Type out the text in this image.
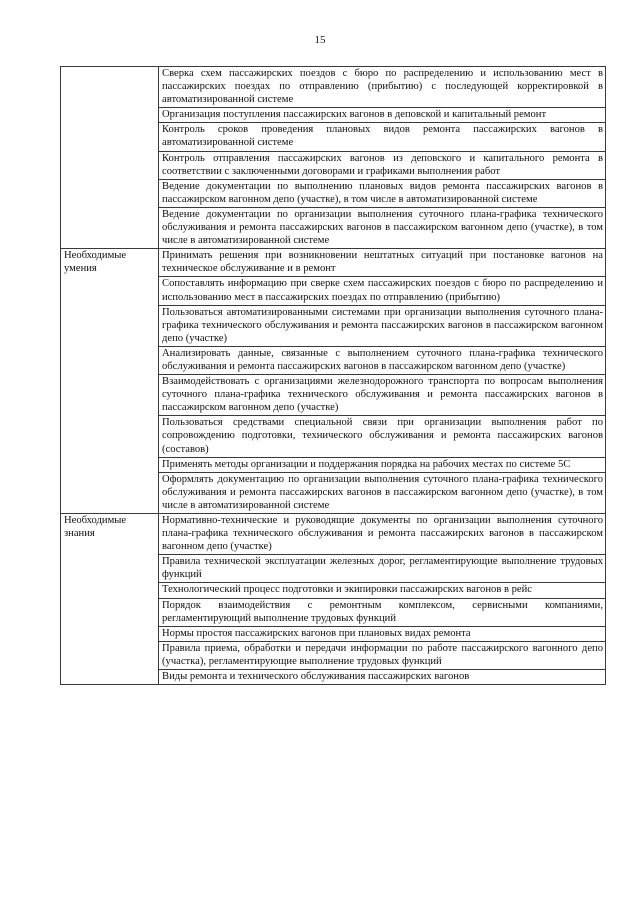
15
	Сверка схем пассажирских поездов с бюро по распределению и использованию мест в пассажирских поездах по отправлению (прибытию) с последующей корректировкой в автоматизированной системе
	Организация поступления пассажирских вагонов в деповской и капитальный ремонт
	Контроль сроков проведения плановых видов ремонта пассажирских вагонов в автоматизированной системе
	Контроль отправления пассажирских вагонов из деповского и капитального ремонта в соответствии с заключенными договорами и графиками выполнения работ
	Ведение документации по выполнению плановых видов ремонта пассажирских вагонов в пассажирском вагонном депо (участке), в том числе в автоматизированной системе
	Ведение документации по организации выполнения суточного плана-графика технического обслуживания и ремонта пассажирских вагонов в пассажирском вагонном депо (участке), в том числе в автоматизированной системе
Необходимые умения	Принимать решения при возникновении нештатных ситуаций при постановке вагонов на техническое обслуживание и в ремонт
	Сопоставлять информацию при сверке схем пассажирских поездов с бюро по распределению и использованию мест в пассажирских поездах по отправлению (прибытию)
	Пользоваться автоматизированными системами при организации выполнения суточного плана-графика технического обслуживания и ремонта пассажирских вагонов в пассажирском вагонном депо (участке)
	Анализировать данные, связанные с выполнением суточного плана-графика технического обслуживания и ремонта пассажирских вагонов в пассажирском вагонном депо (участке)
	Взаимодействовать с организациями железнодорожного транспорта по вопросам выполнения суточного плана-графика технического обслуживания и ремонта пассажирских вагонов в пассажирском вагонном депо (участке)
	Пользоваться средствами специальной связи при организации выполнения работ по сопровождению подготовки, технического обслуживания и ремонта пассажирских вагонов (составов)
	Применять методы организации и поддержания порядка на рабочих местах по системе 5С
	Оформлять документацию по организации выполнения суточного плана-графика технического обслуживания и ремонта пассажирских вагонов в пассажирском вагонном депо (участке), в том числе в автоматизированной системе
Необходимые знания	Нормативно-технические и руководящие документы по организации выполнения суточного плана-графика технического обслуживания и ремонта пассажирских вагонов в пассажирском вагонном депо (участке)
	Правила технической эксплуатации железных дорог, регламентирующие выполнение трудовых функций
	Технологический процесс подготовки и экипировки пассажирских вагонов в рейс
	Порядок взаимодействия с ремонтным комплексом, сервисными компаниями, регламентирующий выполнение трудовых функций
	Нормы простоя пассажирских вагонов при плановых видах ремонта
	Правила приема, обработки и передачи информации по работе пассажирского вагонного депо (участка), регламентирующие выполнение трудовых функций
	Виды ремонта и технического обслуживания пассажирских вагонов
